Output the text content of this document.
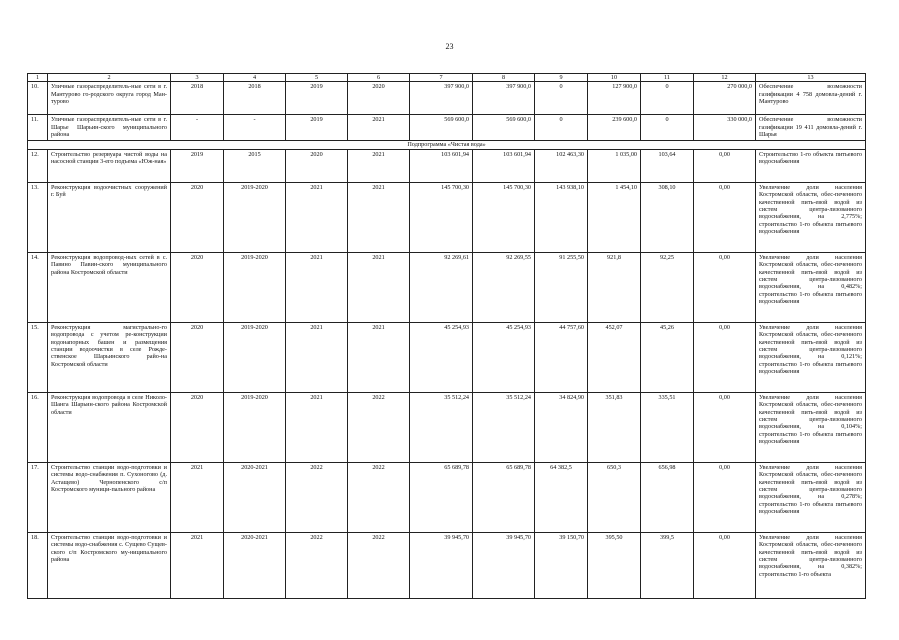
23
1	2	3	4	5	6	7	8	9	10	11	12	13
10.	Уличные газораспределитель-ные сети в г. Мантурово го-родского округа город Ман-турово	2018	2018	2019	2020	397 900,0	397 900,0	0	127 900,0	0	270 000,0	Обеспечение возможности газификации 4 758 домовла-дений г. Мантурово
11.	Уличные газораспределитель-ные сети в г. Шарье Шарьин-ского муниципального района	-	-	2019	2021	569 600,0	569 600,0	0	239 600,0	0	330 000,0	Обеспечение возможности газификации 19 411 домовла-дений г. Шарья
Подпрограмма «Чистая вода»												
12.	Строительство резервуара чистой воды на насосной станции 3-его подъема «Юж-ная»	2019	2015	2020	2021	103 601,94	103 601,94	102 463,30	1 035,00	103,64	0,00	Строительство 1-го объекта питьевого водоснабжения
13.	Реконструкция водоочистных сооружений г. Буй	2020	2019-2020	2021	2021	145 700,30	145 700,30	143 938,10	1 454,10	308,10	0,00	Увеличение доли населения Костромской области, обес-печенного качественной пить-евой водой из систем центра-лизованного водоснабжения, на 2,775%; строительство 1-го объекта питьевого водоснабжения
14.	Реконструкция водопровод-ных сетей в с. Павино Павин-ского муниципального района Костромской области	2020	2019-2020	2021	2021	92 269,61	92 269,55	91 255,50	921,8	92,25	0,00	Увеличение доли населения Костромской области, обес-печенного качественной пить-евой водой из систем центра-лизованного водоснабжения, на 0,482%; строительство 1-го объекта питьевого водоснабжения
15.	Реконструкция магистрально-го водопровода с учетом ре-конструкции водонапорных башен и размещения станции водоочистки в селе Рожде-ственское Шарьинского райо-на Костромской области	2020	2019-2020	2021	2021	45 254,93	45 254,93	44 757,60	452,07	45,26	0,00	Увеличение доли населения Костромской области, обес-печенного качественной пить-евой водой из систем центра-лизованного водоснабжения, на 0,121%; строительство 1-го объекта питьевого водоснабжения
16.	Реконструкция водопровода в селе Николо-Шанга Шарьин-ского района Костромской области	2020	2019-2020	2021	2022	35 512,24	35 512,24	34 824,90	351,83	335,51	0,00	Увеличение доли населения Костромской области, обес-печенного качественной пить-евой водой из систем центра-лизованного водоснабжения, на 0,104%; строительство 1-го объекта питьевого водоснабжения
17.	Строительство станции водо-подготовки и системы водо-снабжения п. Сухоногово (д. Астащево) Чернопенского с/п Костромского муници-пального района	2021	2020-2021	2022	2022	65 689,78	65 689,78	64 382,5	650,3	656,98	0,00	Увеличение доли населения Костромской области, обес-печенного качественной пить-евой водой из систем центра-лизованного водоснабжения, на 0,278%; строительство 1-го объекта питьевого водоснабжения
18.	Строительство станции водо-подготовки и системы водо-снабжения с. Сущево Сущев-ского с/п Костромского му-ниципального района	2021	2020-2021	2022	2022	39 945,70	39 945,70	39 150,70	395,50	399,5	0,00	Увеличение доли населения Костромской области, обес-печенного качественной пить-евой водой из систем центра-лизованного водоснабжения, на 0,382%; строительство 1-го объекта
